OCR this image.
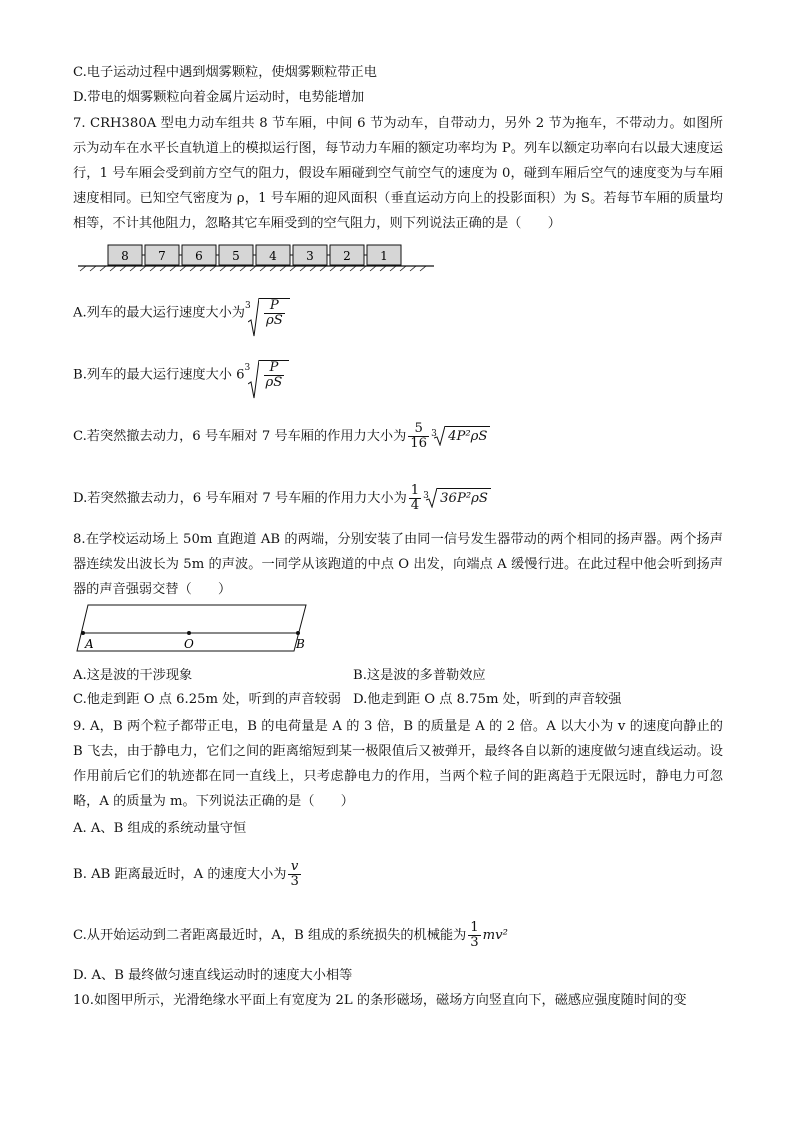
C.电子运动过程中遇到烟雾颗粒，使烟雾颗粒带正电
D.带电的烟雾颗粒向着金属片运动时，电势能增加
7. CRH380A 型电力动车组共 8 节车厢，中间 6 节为动车，自带动力，另外 2 节为拖车，不带动力。如图所示为动车在水平长直轨道上的模拟运行图，每节动力车厢的额定功率均为 P。列车以额定功率向右以最大速度运行，1 号车厢会受到前方空气的阻力，假设车厢碰到空气前空气的速度为 0，碰到车厢后空气的速度变为与车厢速度相同。已知空气密度为 ρ，1 号车厢的迎风面积（垂直运动方向上的投影面积）为 S。若每节车厢的质量均相等，不计其他阻力，忽略其它车厢受到的空气阻力，则下列说法正确的是（　　）
8 7 6 5 4 3 2 1
A.列车的最大运行速度大小为 $3 \frac{P}{\rho S}$
B.列车的最大运行速度大小 6 $3 \frac{P}{\rho S}$
C.若突然撤去动力，6 号车厢对 7 号车厢的作用力大小为 $\frac{5}{16} 3$ 4P²ρS
D.若突然撤去动力，6 号车厢对 7 号车厢的作用力大小为 $\frac{1}{4} 3$ 36P²ρS
8.在学校运动场上 50m 直跑道 AB 的两端，分别安装了由同一信号发生器带动的两个相同的扬声器。两个扬声器连续发出波长为 5m 的声波。一同学从该跑道的中点 O 出发，向端点 A 缓慢行进。在此过程中他会听到扬声器的声音强弱交替（　　）
A	O	B
A.这是波的干涉现象	B.这是波的多普勒效应
C.他走到距 O 点 6.25m 处，听到的声音较弱 D.他走到距 O 点 8.75m 处，听到的声音较强
9. A，B 两个粒子都带正电，B 的电荷量是 A 的 3 倍，B 的质量是 A 的 2 倍。A 以大小为 v 的速度向静止的 B 飞去，由于静电力，它们之间的距离缩短到某一极限值后又被弹开，最终各自以新的速度做匀速直线运动。设作用前后它们的轨迹都在同一直线上，只考虑静电力的作用，当两个粒子间的距离趋于无限远时，静电力可忽略，A 的质量为 m。下列说法正确的是（　　）
A. A、B 组成的系统动量守恒
B. AB 距离最近时，A 的速度大小为 $\frac{v}{3}$
C.从开始运动到二者距离最近时，A，B 组成的系统损失的机械能为 $\frac{1}{3} mv^2$
D. A、B 最终做匀速直线运动时的速度大小相等
10.如图甲所示，光滑绝缘水平面上有宽度为 2L 的条形磁场，磁场方向竖直向下，磁感应强度随时间的变
